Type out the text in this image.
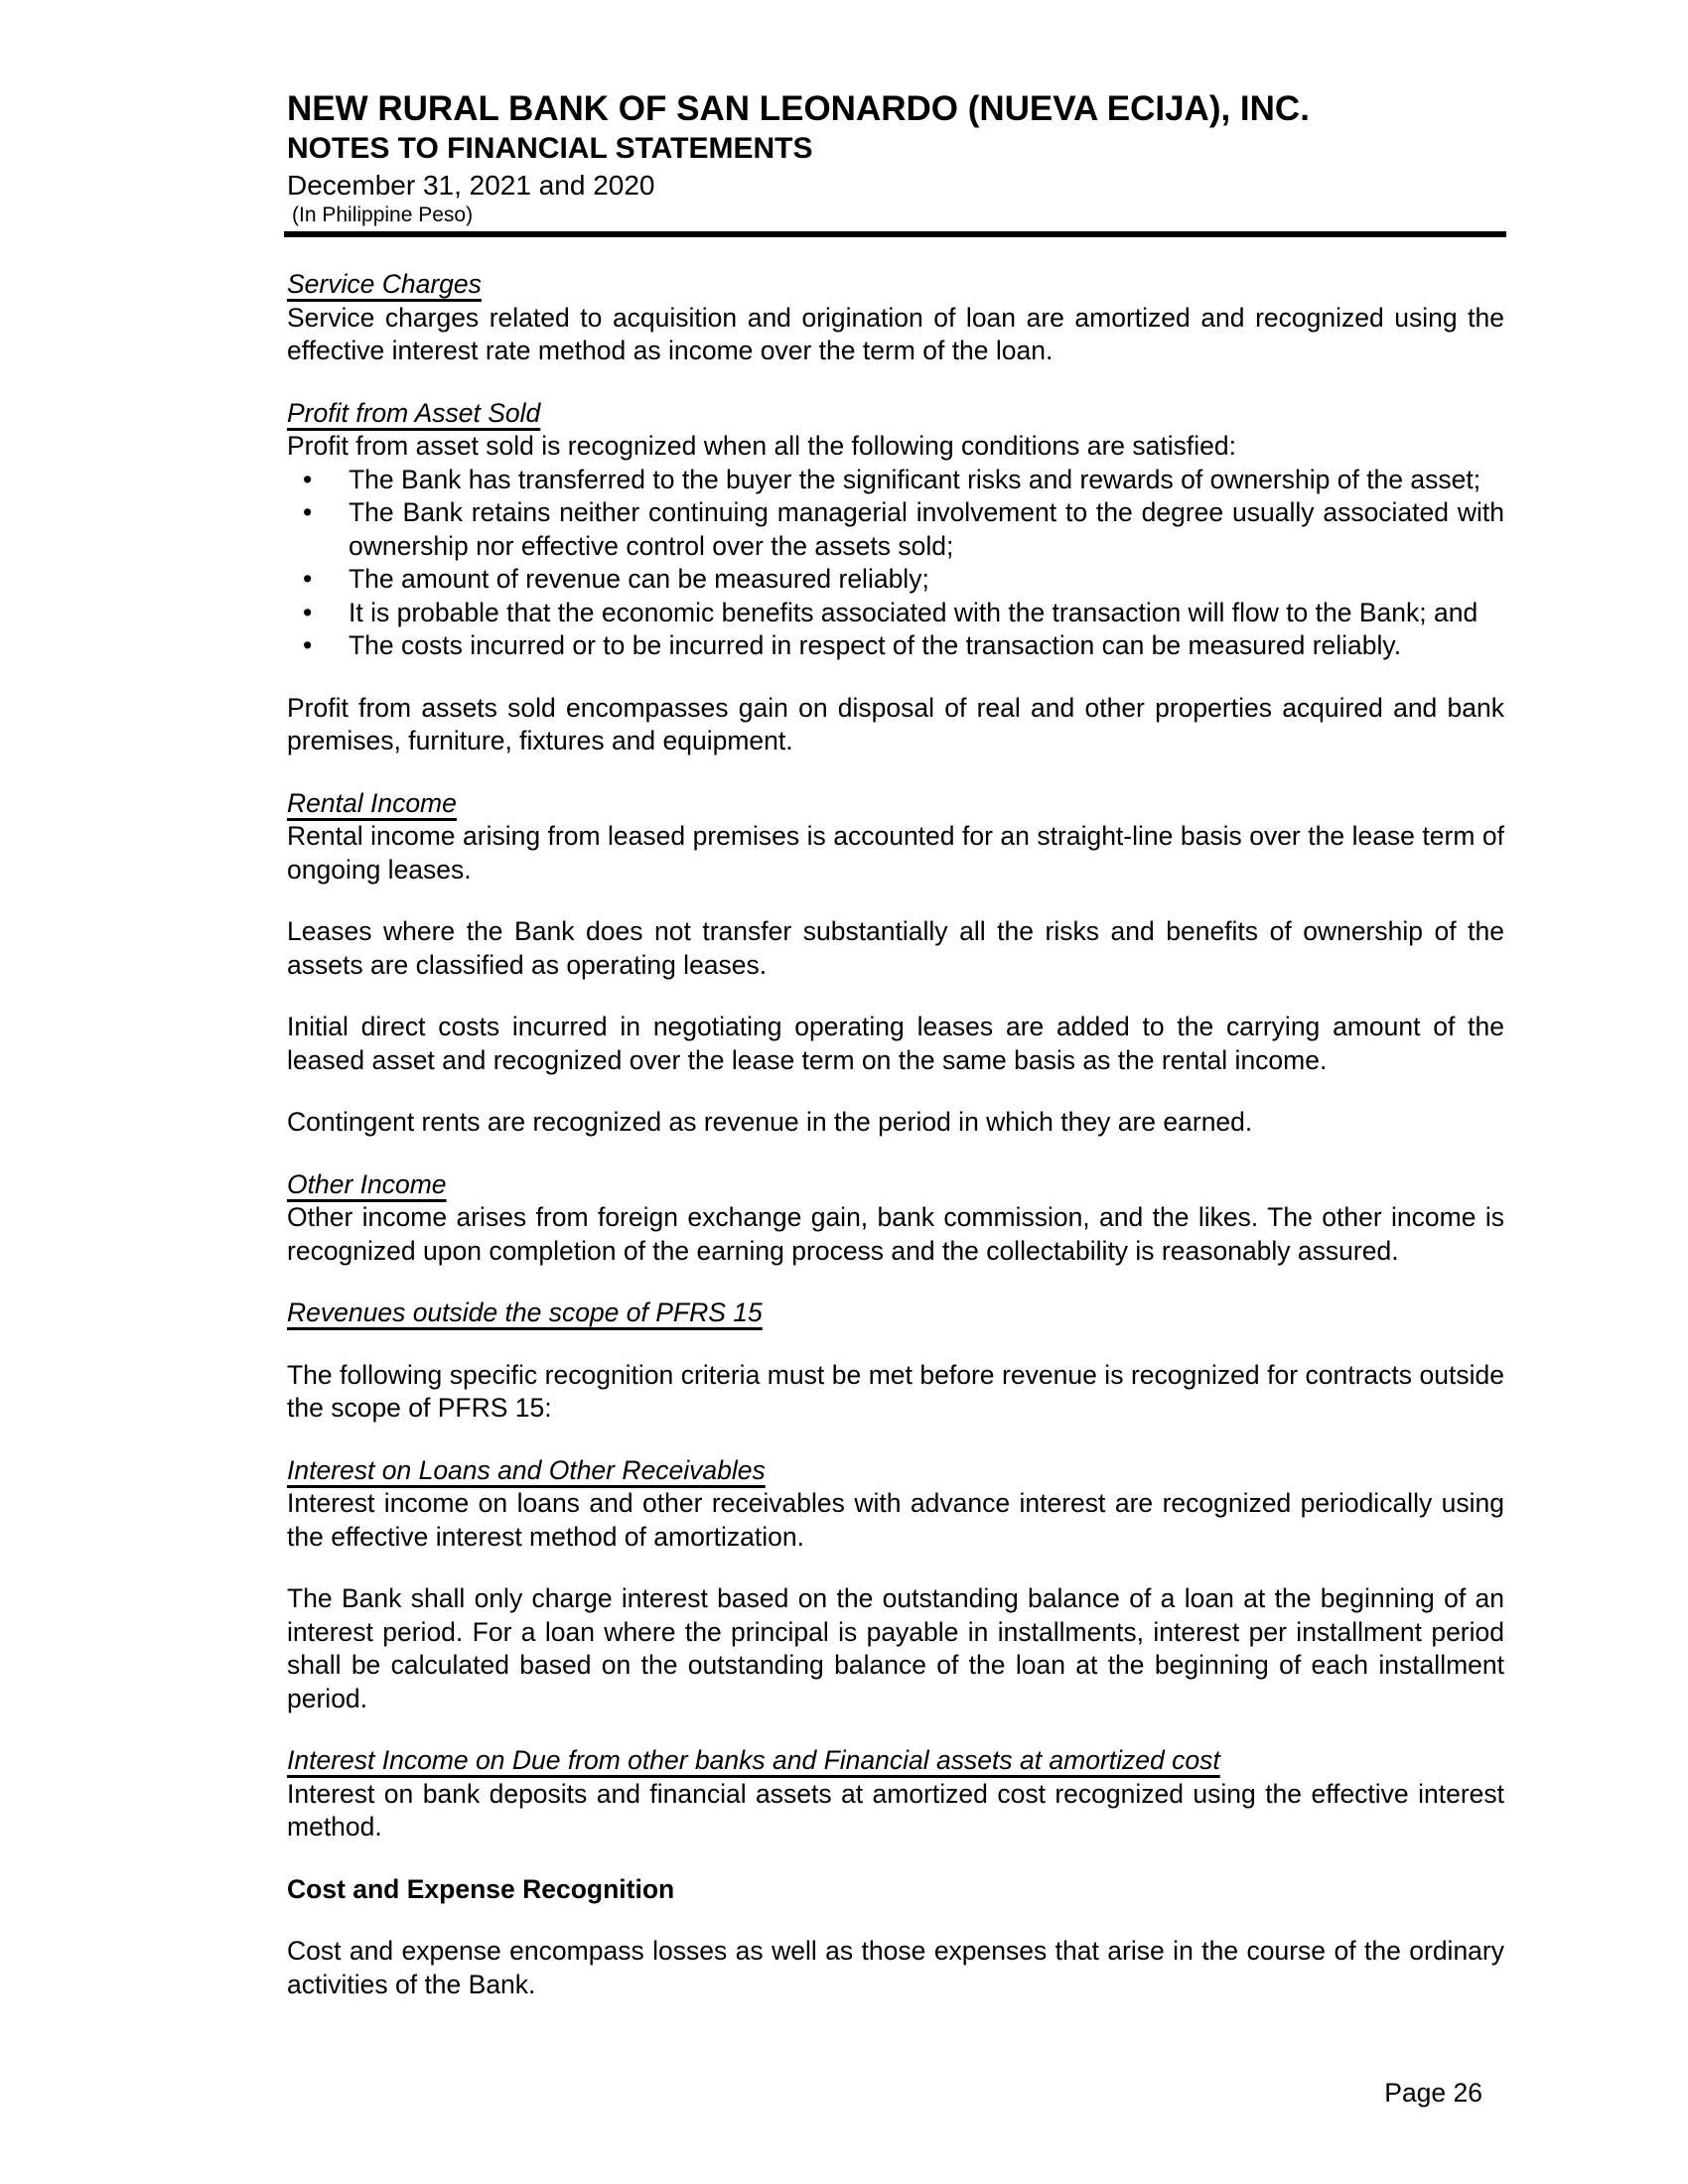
NEW RURAL BANK OF SAN LEONARDO (NUEVA ECIJA), INC.
NOTES TO FINANCIAL STATEMENTS
December 31, 2021 and 2020
(In Philippine Peso)
Service Charges

Service charges related to acquisition and origination of loan are amortized and recognized using the effective interest rate method as income over the term of the loan.

Profit from Asset Sold

Profit from asset sold is recognized when all the following conditions are satisfied:

• The Bank has transferred to the buyer the significant risks and rewards of ownership of the asset;
• The Bank retains neither continuing managerial involvement to the degree usually associated with ownership nor effective control over the assets sold;
• The amount of revenue can be measured reliably;
• It is probable that the economic benefits associated with the transaction will flow to the Bank; and
• The costs incurred or to be incurred in respect of the transaction can be measured reliably.

Profit from assets sold encompasses gain on disposal of real and other properties acquired and bank premises, furniture, fixtures and equipment.

Rental Income

Rental income arising from leased premises is accounted for an straight-line basis over the lease term of ongoing leases.

Leases where the Bank does not transfer substantially all the risks and benefits of ownership of the assets are classified as operating leases.

Initial direct costs incurred in negotiating operating leases are added to the carrying amount of the leased asset and recognized over the lease term on the same basis as the rental income.

Contingent rents are recognized as revenue in the period in which they are earned.

Other Income

Other income arises from foreign exchange gain, bank commission, and the likes. The other income is recognized upon completion of the earning process and the collectability is reasonably assured.

Revenues outside the scope of PFRS 15

The following specific recognition criteria must be met before revenue is recognized for contracts outside the scope of PFRS 15:

Interest on Loans and Other Receivables

Interest income on loans and other receivables with advance interest are recognized periodically using the effective interest method of amortization.

The Bank shall only charge interest based on the outstanding balance of a loan at the beginning of an interest period. For a loan where the principal is payable in installments, interest per installment period shall be calculated based on the outstanding balance of the loan at the beginning of each installment period.

Interest Income on Due from other banks and Financial assets at amortized cost

Interest on bank deposits and financial assets at amortized cost recognized using the effective interest method.

Cost and Expense Recognition

Cost and expense encompass losses as well as those expenses that arise in the course of the ordinary activities of the Bank.

Page 26
